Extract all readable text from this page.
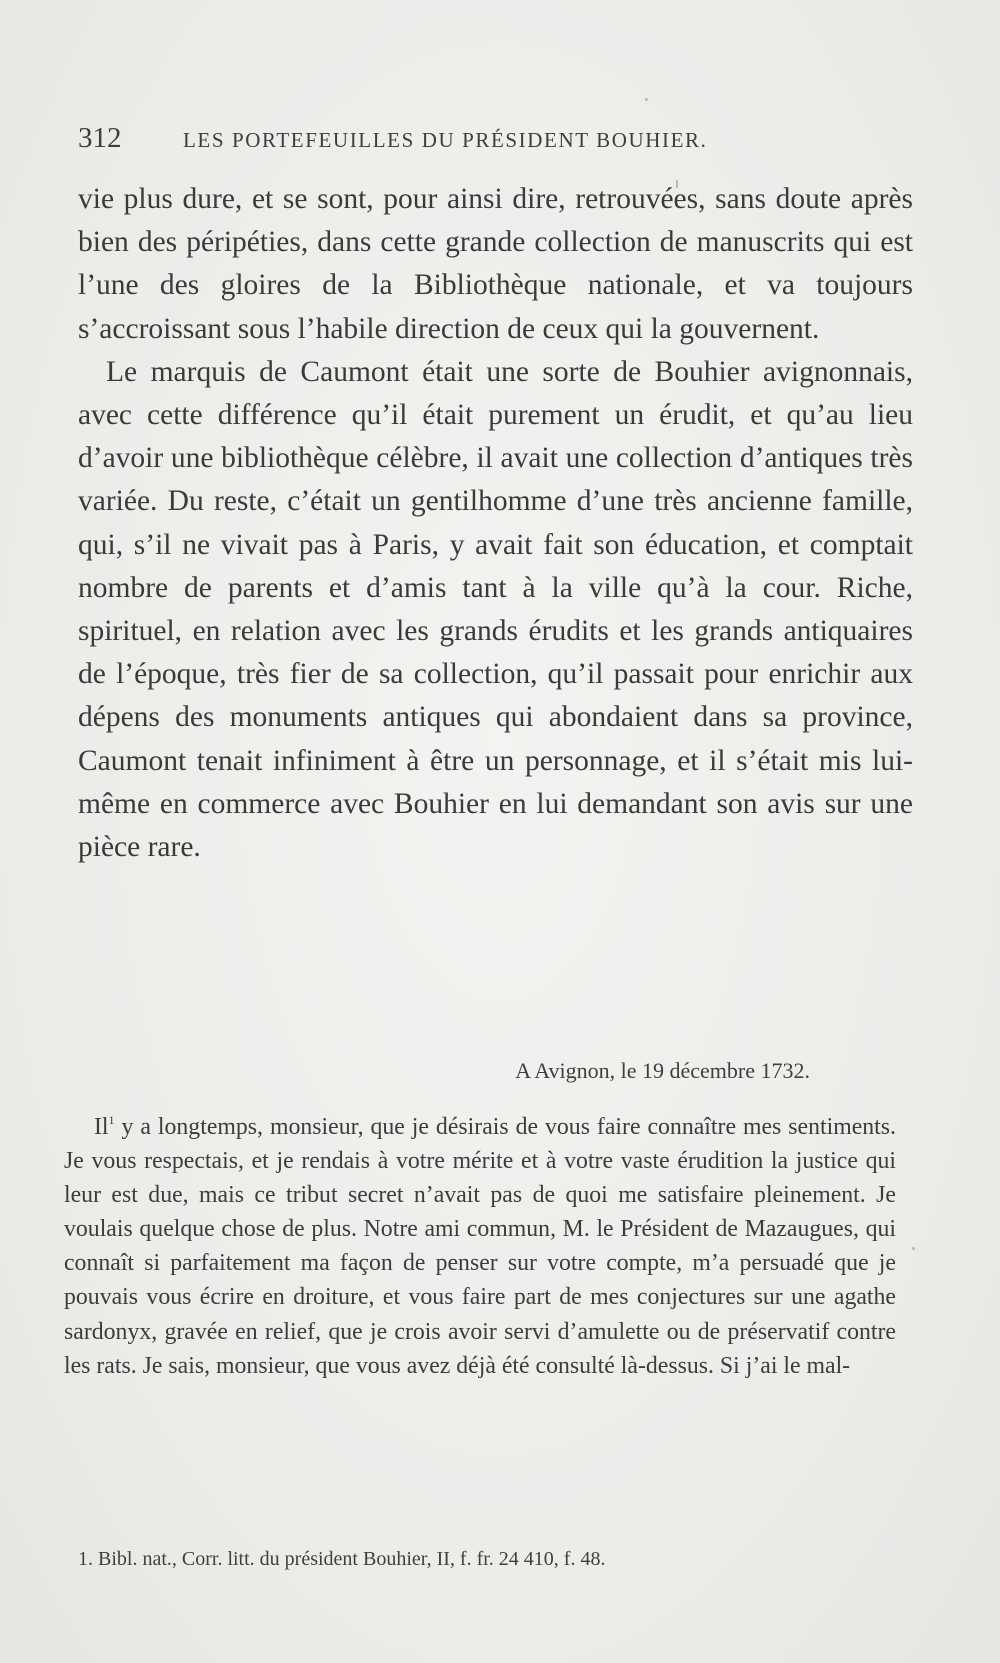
312	LES PORTEFEUILLES DU PRÉSIDENT BOUHIER.

vie plus dure, et se sont, pour ainsi dire, retrouvées, sans doute après bien des péripéties, dans cette grande collection de manuscrits qui est l’une des gloires de la Bibliothèque nationale, et va toujours s’accroissant sous l’habile direction de ceux qui la gouvernent.

Le marquis de Caumont était une sorte de Bouhier avignonnais, avec cette différence qu’il était purement un érudit, et qu’au lieu d’avoir une bibliothèque célèbre, il avait une collection d’antiques très variée. Du reste, c’était un gentilhomme d’une très ancienne famille, qui, s’il ne vivait pas à Paris, y avait fait son éducation, et comptait nombre de parents et d’amis tant à la ville qu’à la cour. Riche, spirituel, en relation avec les grands érudits et les grands antiquaires de l’époque, très fier de sa collection, qu’il passait pour enrichir aux dépens des monuments antiques qui abondaient dans sa province, Caumont tenait infiniment à être un personnage, et il s’était mis lui-même en commerce avec Bouhier en lui demandant son avis sur une pièce rare.

A Avignon, le 19 décembre 1732.

Il$^1$ y a longtemps, monsieur, que je désirais de vous faire connaître mes sentiments. Je vous respectais, et je rendais à votre mérite et à votre vaste érudition la justice qui leur est due, mais ce tribut secret n’avait pas de quoi me satisfaire pleinement. Je voulais quelque chose de plus. Notre ami commun, M. le Président de Mazaugues, qui connaît si parfaitement ma façon de penser sur votre compte, m’a persuadé que je pouvais vous écrire en droiture, et vous faire part de mes conjectures sur une agathe sardonyx, gravée en relief, que je crois avoir servi d’amulette ou de préservatif contre les rats. Je sais, monsieur, que vous avez déjà été consulté là-dessus. Si j’ai le mal-

1. Bibl. nat., Corr. litt. du président Bouhier, II, f. fr. 24 410, f. 48.
